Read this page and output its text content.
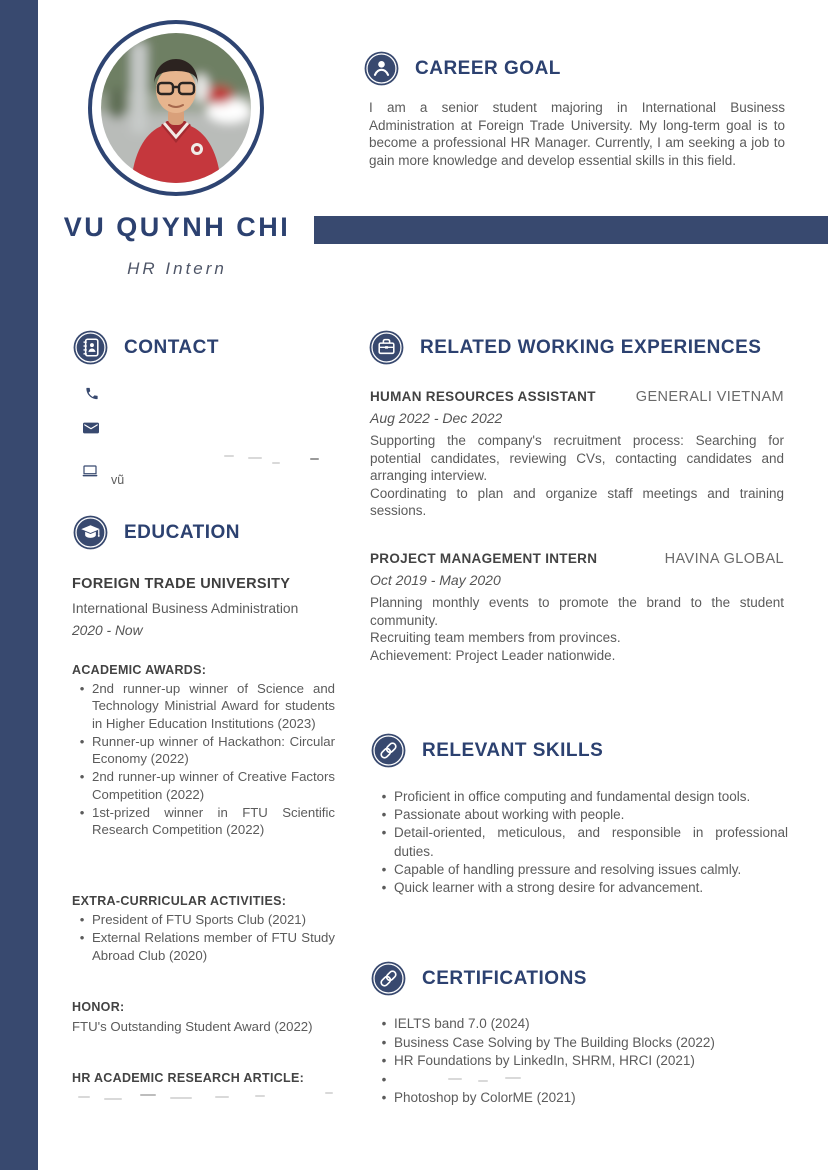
VU QUYNH CHI
HR Intern
CAREER GOAL

I am a senior student majoring in International Business Administration at Foreign Trade University. My long-term goal is to become a professional HR Manager. Currently, I am seeking a job to gain more knowledge and develop essential skills in this field.

CONTACT
vũ
EDUCATION
FOREIGN TRADE UNIVERSITY
International Business Administration
2020 - Now
ACADEMIC AWARDS:
• 2nd runner-up winner of Science and Technology Ministrial Award for students in Higher Education Institutions (2023)
• Runner-up winner of Hackathon: Circular Economy (2022)
• 2nd runner-up winner of Creative Factors Competition (2022)
• 1st-prized winner in FTU Scientific Research Competition (2022)
EXTRA-CURRICULAR ACTIVITIES:
• President of FTU Sports Club (2021)
• External Relations member of FTU Study Abroad Club (2020)
HONOR:
FTU's Outstanding Student Award (2022)
HR ACADEMIC RESEARCH ARTICLE:
RELATED WORKING EXPERIENCES
HUMAN RESOURCES ASSISTANT	GENERALI VIETNAM
Aug 2022 - Dec 2022

Supporting the company's recruitment process: Searching for potential candidates, reviewing CVs, contacting candidates and arranging interview.

Coordinating to plan and organize staff meetings and training sessions.

PROJECT MANAGEMENT INTERN	HAVINA GLOBAL
Oct 2019 - May 2020

Planning monthly events to promote the brand to the student community.

Recruiting team members from provinces.

Achievement: Project Leader nationwide.

RELEVANT SKILLS
• Proficient in office computing and fundamental design tools.
• Passionate about working with people.
• Detail-oriented, meticulous, and responsible in professional duties.
• Capable of handling pressure and resolving issues calmly.
• Quick learner with a strong desire for advancement.
CERTIFICATIONS
• IELTS band 7.0 (2024)
• Business Case Solving by The Building Blocks (2022)
• HR Foundations by LinkedIn, SHRM, HRCI (2021)
•
• Photoshop by ColorME (2021)
